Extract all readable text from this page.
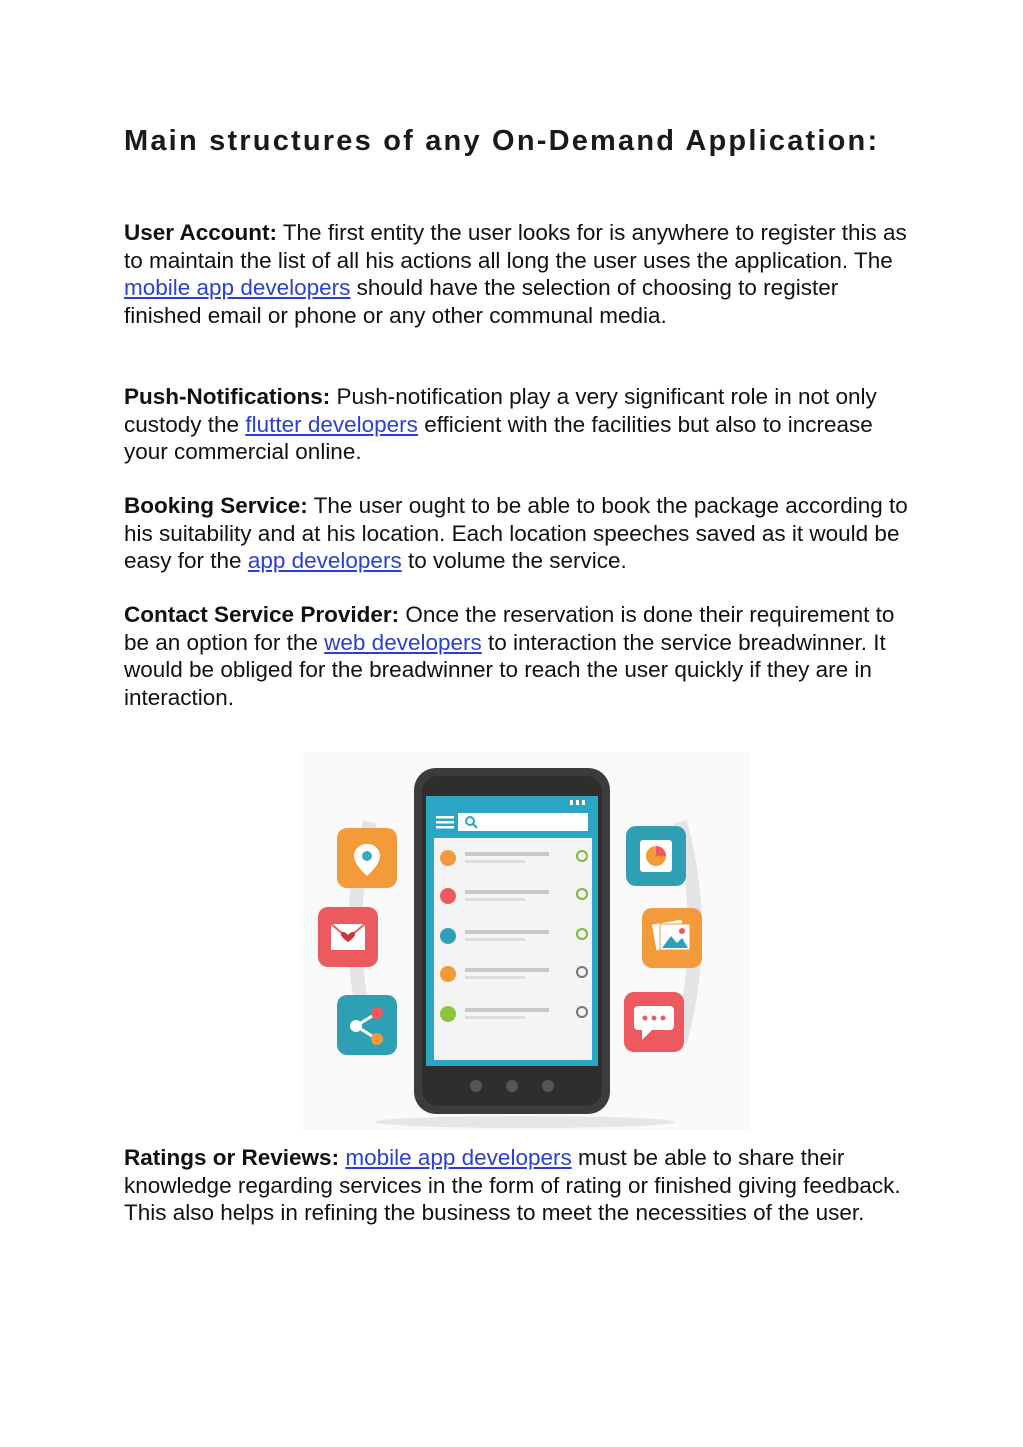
Main structures of any On-Demand Application:

User Account: The first entity the user looks for is anywhere to register this as to maintain the list of all his actions all long the user uses the application. The mobile app developers should have the selection of choosing to register finished email or phone or any other communal media.

Push-Notifications: Push-notification play a very significant role in not only custody the flutter developers efficient with the facilities but also to increase your commercial online.

Booking Service: The user ought to be able to book the package according to his suitability and at his location. Each location speeches saved as it would be easy for the app developers to volume the service.

Contact Service Provider: Once the reservation is done their requirement to be an option for the web developers to interaction the service breadwinner. It would be obliged for the breadwinner to reach the user quickly if they are in interaction.

Ratings or Reviews: mobile app developers must be able to share their knowledge regarding services in the form of rating or finished giving feedback. This also helps in refining the business to meet the necessities of the user.
